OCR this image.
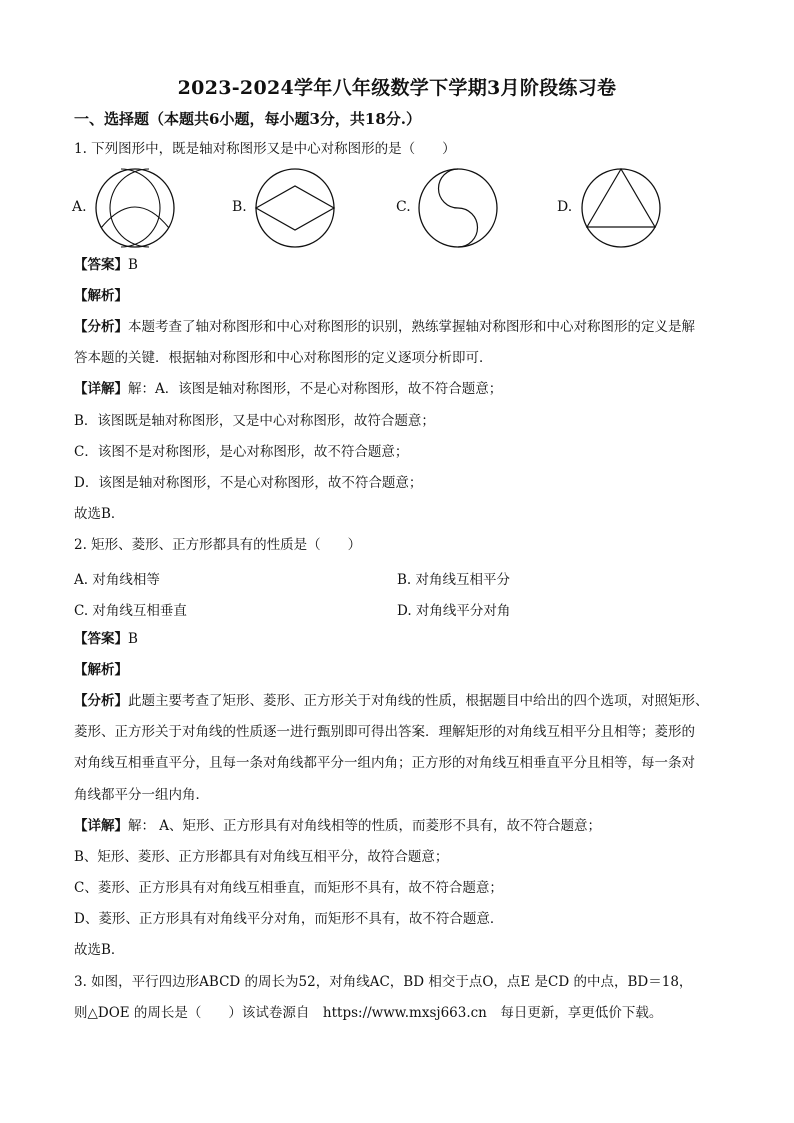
2023-2024学年八年级数学下学期3月阶段练习卷
一、选择题（本题共6小题，每小题3分，共18分.）
1. 下列图形中，既是轴对称图形又是中心对称图形的是（　　）
A.	B.	C.	D.
【答案】B
【解析】
【分析】本题考查了轴对称图形和中心对称图形的识别，熟练掌握轴对称图形和中心对称图形的定义是解
答本题的关键．根据轴对称图形和中心对称图形的定义逐项分析即可．
【详解】解：A．该图是轴对称图形，不是心对称图形，故不符合题意；
B．该图既是轴对称图形，又是中心对称图形，故符合题意；
C．该图不是对称图形，是心对称图形，故不符合题意；
D．该图是轴对称图形，不是心对称图形，故不符合题意；
故选B．
2. 矩形、菱形、正方形都具有的性质是（　　）
A. 对角线相等	B. 对角线互相平分
C. 对角线互相垂直	D. 对角线平分对角
【答案】B
【解析】
【分析】此题主要考查了矩形、菱形、正方形关于对角线的性质，根据题目中给出的四个选项，对照矩形、
菱形、正方形关于对角线的性质逐一进行甄别即可得出答案．理解矩形的对角线互相平分且相等；菱形的
对角线互相垂直平分，且每一条对角线都平分一组内角；正方形的对角线互相垂直平分且相等，每一条对
角线都平分一组内角．
【详解】解： A、矩形、正方形具有对角线相等的性质，而菱形不具有，故不符合题意；
B、矩形、菱形、正方形都具有对角线互相平分，故符合题意；
C、菱形、正方形具有对角线互相垂直，而矩形不具有，故不符合题意；
D、菱形、正方形具有对角线平分对角，而矩形不具有，故不符合题意．
故选B．
3. 如图，平行四边形ABCD 的周长为52，对角线AC，BD 相交于点O，点E 是CD 的中点，BD＝18，
则△DOE 的周长是（　　）该试卷源自　https://www.mxsj663.cn　每日更新，享更低价下载。
